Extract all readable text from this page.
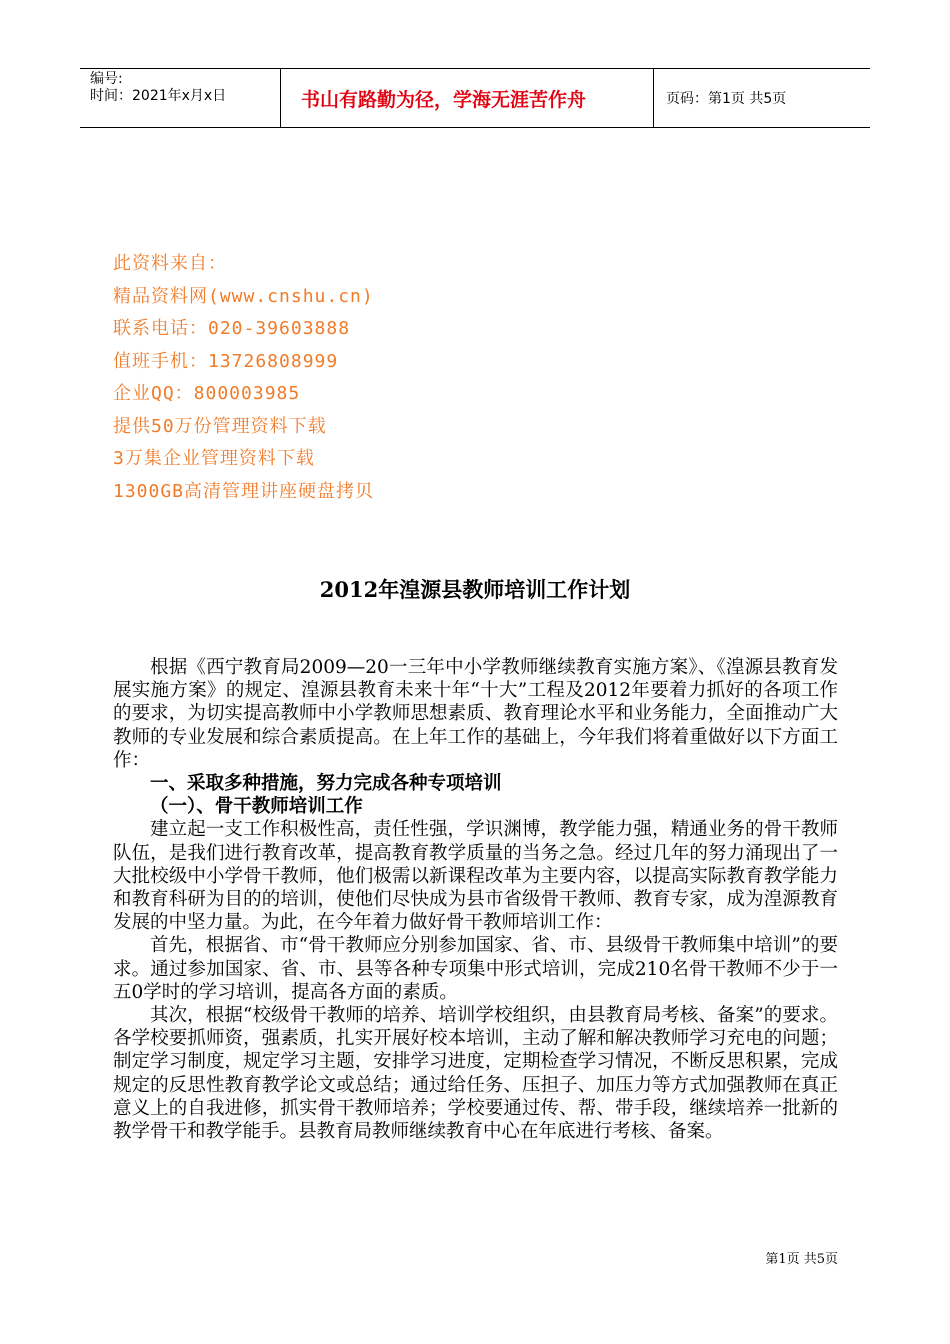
编号:
时间：2021年x月x日	书山有路勤为径，学海无涯苦作舟	页码：第1页 共5页
此资料来自：
精品资料网(www.cnshu.cn)
联系电话：020-39603888
值班手机：13726808999
企业QQ：800003985
提供50万份管理资料下载
3万集企业管理资料下载
1300GB高清管理讲座硬盘拷贝
2012年湟源县教师培训工作计划

根据《西宁教育局2009—20一三年中小学教师继续教育实施方案》、《湟源县教育发展实施方案》的规定、湟源县教育未来十年“十大”工程及2012年要着力抓好的各项工作的要求，为切实提高教师中小学教师思想素质、教育理论水平和业务能力，全面推动广大教师的专业发展和综合素质提高。在上年工作的基础上，今年我们将着重做好以下方面工作：

一、采取多种措施，努力完成各种专项培训
（一）、骨干教师培训工作

建立起一支工作积极性高，责任性强，学识渊博，教学能力强，精通业务的骨干教师队伍，是我们进行教育改革，提高教育教学质量的当务之急。经过几年的努力涌现出了一大批校级中小学骨干教师，他们极需以新课程改革为主要内容，以提高实际教育教学能力和教育科研为目的的培训，使他们尽快成为县市省级骨干教师、教育专家，成为湟源教育发展的中坚力量。为此，在今年着力做好骨干教师培训工作：

首先，根据省、市“骨干教师应分别参加国家、省、市、县级骨干教师集中培训”的要求。通过参加国家、省、市、县等各种专项集中形式培训，完成210名骨干教师不少于一五0学时的学习培训，提高各方面的素质。

其次，根据“校级骨干教师的培养、培训学校组织，由县教育局考核、备案”的要求。各学校要抓师资，强素质，扎实开展好校本培训，主动了解和解决教师学习充电的问题；制定学习制度，规定学习主题，安排学习进度，定期检查学习情况，不断反思积累，完成规定的反思性教育教学论文或总结；通过给任务、压担子、加压力等方式加强教师在真正意义上的自我进修，抓实骨干教师培养；学校要通过传、帮、带手段，继续培养一批新的教学骨干和教学能手。县教育局教师继续教育中心在年底进行考核、备案。

第1页 共5页
